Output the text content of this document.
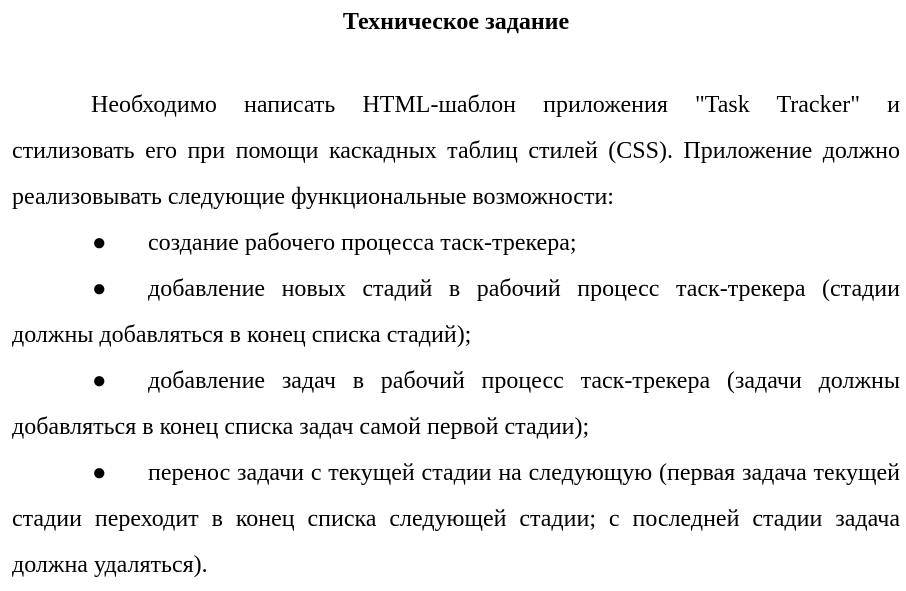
Техническое задание

Необходимо написать HTML-шаблон приложения "Task Tracker" и стилизовать его при помощи каскадных таблиц стилей (CSS). Приложение должно реализовывать следующие функциональные возможности:

● создание рабочего процесса таск-трекера;
● добавление новых стадий в рабочий процесс таск-трекера (стадии должны добавляться в конец списка стадий);
● добавление задач в рабочий процесс таск-трекера (задачи должны добавляться в конец списка задач самой первой стадии);
● перенос задачи с текущей стадии на следующую (первая задача текущей стадии переходит в конец списка следующей стадии; с последней стадии задача должна удаляться).
